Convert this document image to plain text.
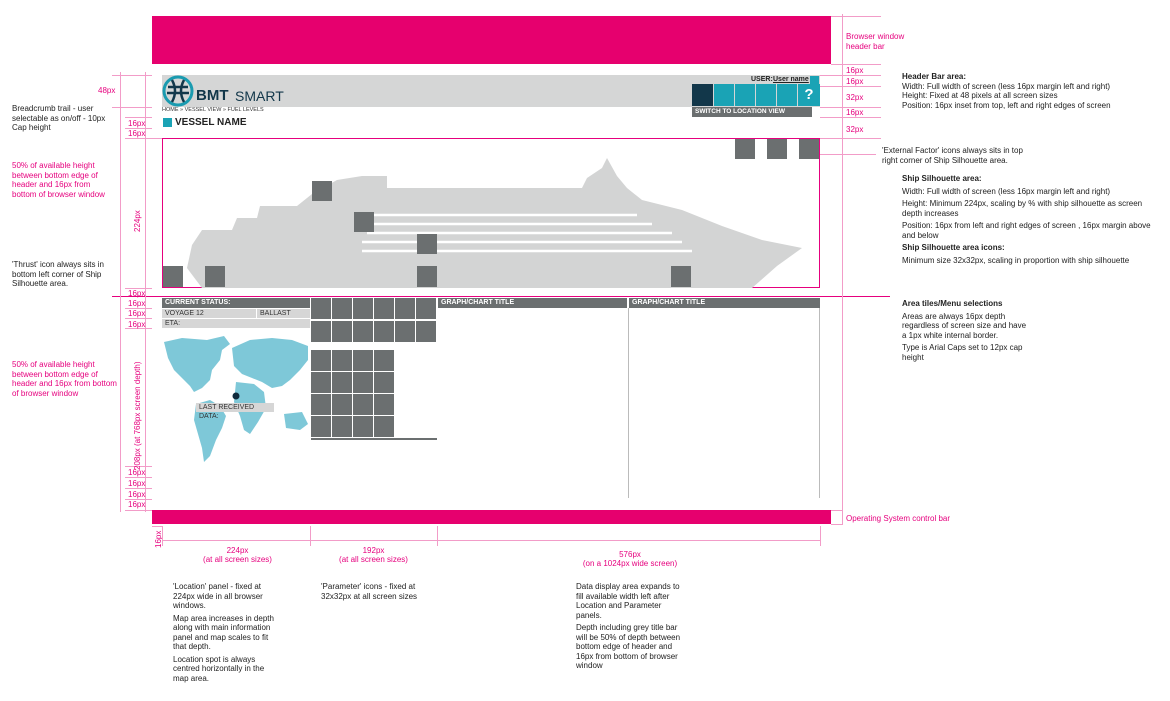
BMT SMART
USER: User name
?
SWITCH TO LOCATION VIEW
HOME » VESSEL VIEW » FUEL LEVELS
VESSEL NAME
CURRENT STATUS:
VOYAGE 12	BALLAST
ETA:
LAST RECEIVED DATA:
GRAPH/CHART TITLE	GRAPH/CHART TITLE
16px
16px
32px
16px
32px
Browser window header bar
Operating System control bar
48px
16px
16px
16px
16px
16px
16px
16px
16px
16px
16px
224px
208px (at 768px screen depth)
16px
224px
(at all screen sizes)
192px
(at all screen sizes)
576px
(on a 1024px wide screen)
Breadcrumb trail - user selectable as on/off - 10px Cap height
50% of available height between bottom edge of header and 16px from bottom of browser window
'Thrust' icon always sits in bottom left corner of Ship Silhouette area.
50% of available height between bottom edge of header and 16px from bottom of browser window
Header Bar area:
Width: Full width of screen (less 16px margin left and right)
Height: Fixed at 48 pixels at all screen sizes
Position: 16px inset from top, left and right edges of screen
'External Factor' icons always sits in top right corner of Ship Silhouette area.
Ship Silhouette area:

Width: Full width of screen (less 16px margin left and right)

Height: Minimum 224px, scaling by % with ship silhouette as screen depth increases

Position: 16px from left and right edges of screen , 16px margin above and below

Ship Silhouette area icons:

Minimum size 32x32px, scaling in proportion with ship silhouette

Area tiles/Menu selections

Areas are always 16px depth regardless of screen size and have a 1px white internal border.

Type is Arial Caps set to 12px cap height

'Location' panel - fixed at 224px wide in all browser windows.

Map area increases in depth along with main information panel and map scales to fit that depth.

Location spot is always centred horizontally in the map area.

'Parameter' icons - fixed at 32x32px at all screen sizes

Data display area expands to fill available width left after Location and Parameter panels.

Depth including grey title bar will be 50% of depth between bottom edge of header and 16px from bottom of browser window
